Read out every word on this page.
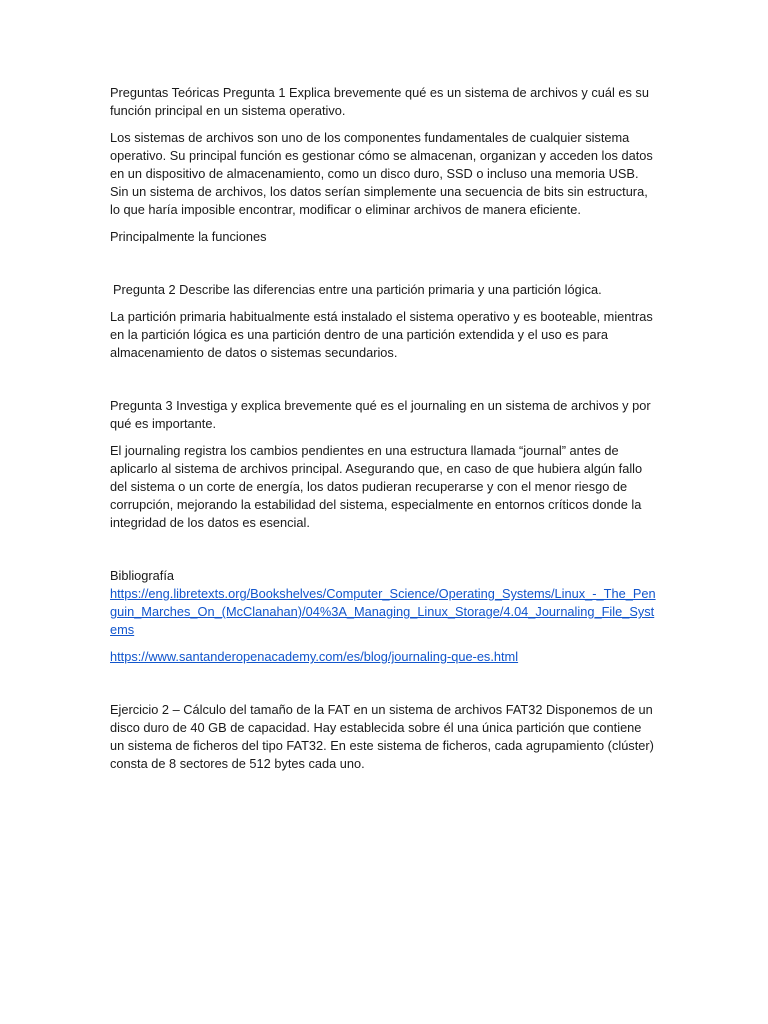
Preguntas Teóricas Pregunta 1 Explica brevemente qué es un sistema de archivos y cuál es su función principal en un sistema operativo.

Los sistemas de archivos son uno de los componentes fundamentales de cualquier sistema operativo. Su principal función es gestionar cómo se almacenan, organizan y acceden los datos en un dispositivo de almacenamiento, como un disco duro, SSD o incluso una memoria USB. Sin un sistema de archivos, los datos serían simplemente una secuencia de bits sin estructura, lo que haría imposible encontrar, modificar o eliminar archivos de manera eficiente.

Principalmente la funciones

Pregunta 2 Describe las diferencias entre una partición primaria y una partición lógica.

La partición primaria habitualmente está instalado el sistema operativo y es booteable, mientras en la partición lógica es una partición dentro de una partición extendida y el uso es para almacenamiento de datos o sistemas secundarios.

Pregunta 3 Investiga y explica brevemente qué es el journaling en un sistema de archivos y por qué es importante.

El journaling registra los cambios pendientes en una estructura llamada “journal” antes de aplicarlo al sistema de archivos principal. Asegurando que, en caso de que hubiera algún fallo del sistema o un corte de energía, los datos pudieran recuperarse y con el menor riesgo de corrupción, mejorando la estabilidad del sistema, especialmente en entornos críticos donde la integridad de los datos es esencial.

Bibliografía

https://eng.libretexts.org/Bookshelves/Computer_Science/Operating_Systems/Linux_-_The_Penguin_Marches_On_(McClanahan)/04%3A_Managing_Linux_Storage/4.04_Journaling_File_Systems
https://www.santanderopenacademy.com/es/blog/journaling-que-es.html

Ejercicio 2 – Cálculo del tamaño de la FAT en un sistema de archivos FAT32 Disponemos de un disco duro de 40 GB de capacidad. Hay establecida sobre él una única partición que contiene un sistema de ficheros del tipo FAT32. En este sistema de ficheros, cada agrupamiento (clúster) consta de 8 sectores de 512 bytes cada uno.
